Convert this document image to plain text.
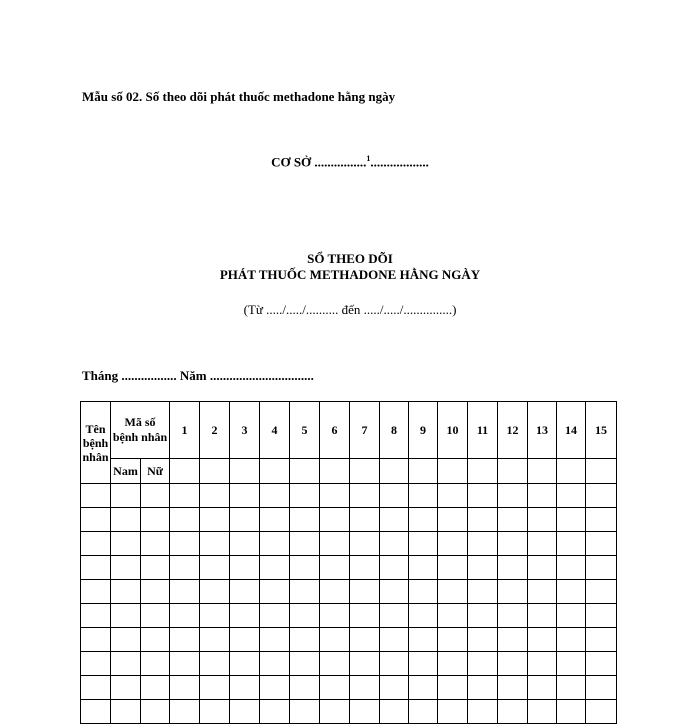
Mẫu số 02. Số theo dõi phát thuốc methadone hằng ngày
CƠ SỞ ................$^1$..................
SỔ THEO DÕI
PHÁT THUỐC METHADONE HẰNG NGÀY
(Từ ...../...../.......... đến ...../...../...............)
Tháng ................. Năm ................................
Tên bệnh nhân	Mã số bệnh nhân		1	2	3	4	5	6	7	8	9	10	11	12	13	14	15
	Nam	Nữ															
